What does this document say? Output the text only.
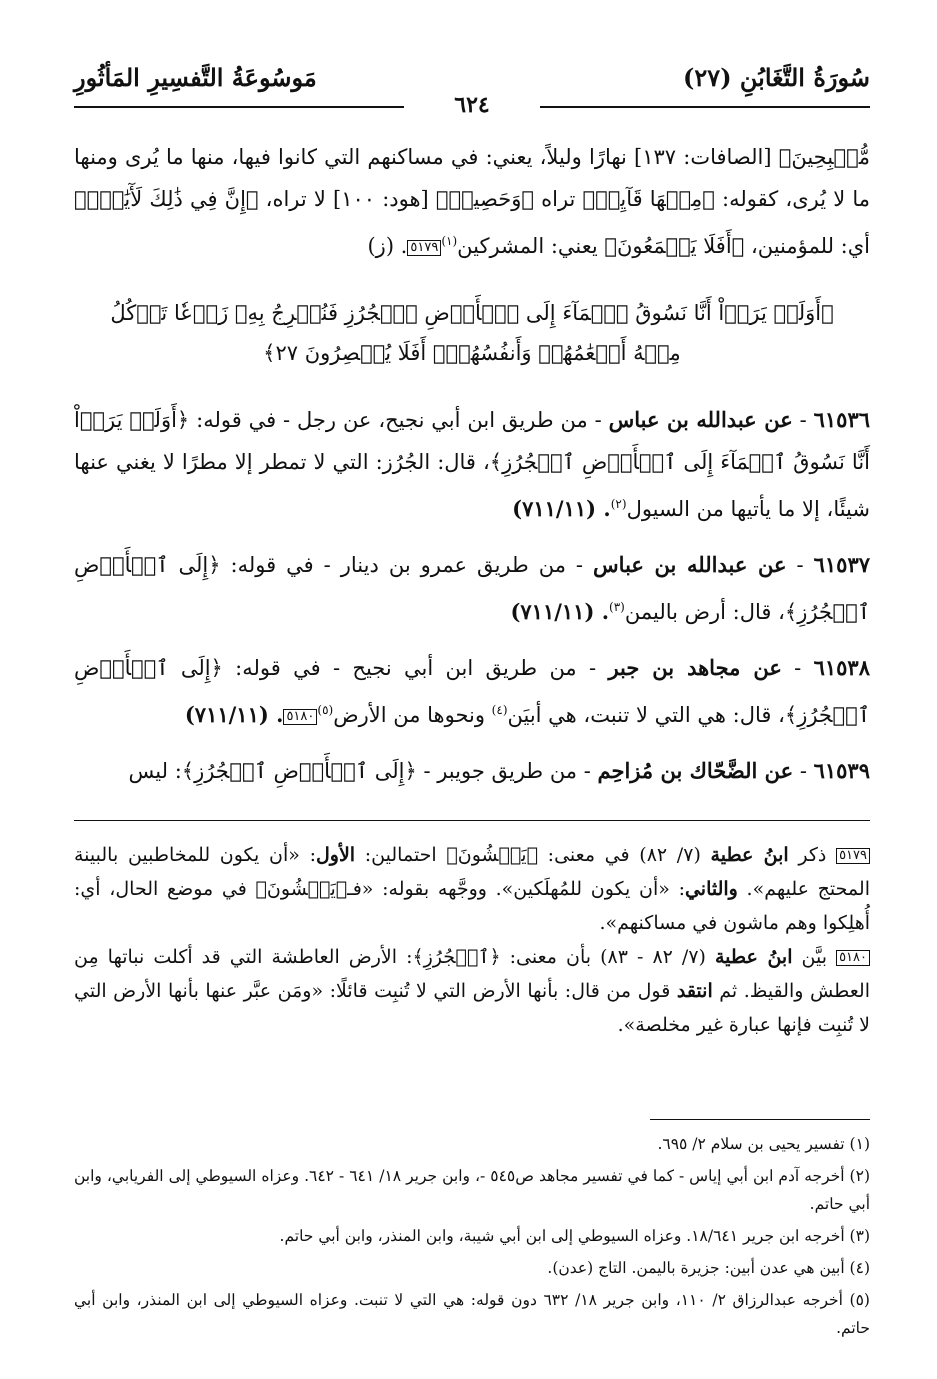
سُورَةُ التَّغَابُنِ (٢٧)
مَوسُوعَةُ التَّفسِيرِ المَأثُورِ
٦٢٤

مُّصۡبِحِينَ﴾ [الصافات: ١٣٧] نهارًا وليلاً، يعني: في مساكنهم التي كانوا فيها، منها ما يُرى ومنها ما لا يُرى، كقوله: ﴿مِنۡهَا قَآيِمٞ﴾ تراه ﴿وَحَصِيدٞ﴾ [هود: ١٠٠] لا تراه، ﴿إِنَّ فِي ذَٰلِكَ لَأٓيَٰتٍۚ﴾ أي: للمؤمنين، ﴿أَفَلَا يَسۡمَعُونَ﴾ يعني: المشركين$^{(١)}$٥١٧٩. (ز)

﴿أَوَلَمۡ يَرَوۡاْ أَنَّا نَسُوقُ ٱلۡمَآءَ إِلَى ٱلۡأَرۡضِ ٱلۡجُرُزِ فَنُخۡرِجُ بِهِۦ زَرۡعٗا تَأۡكُلُ مِنۡهُ أَنۡعَٰمُهُمۡ وَأَنفُسُهُمۡۚ أَفَلَا يُبۡصِرُونَ ٢٧﴾

٦١٥٣٦ - عن عبدالله بن عباس - من طريق ابن أبي نجيح، عن رجل - في قوله: ﴿أَوَلَمۡ يَرَوۡاْ أَنَّا نَسُوقُ ٱلۡمَآءَ إِلَى ٱلۡأَرۡضِ ٱلۡجُرُزِ﴾، قال: الجُرُز: التي لا تمطر إلا مطرًا لا يغني عنها شيئًا، إلا ما يأتيها من السيول$^{(٢)}$. (٧١١/١١)

٦١٥٣٧ - عن عبدالله بن عباس - من طريق عمرو بن دينار - في قوله: ﴿إِلَى ٱلۡأَرۡضِ ٱلۡجُرُزِ﴾، قال: أرض باليمن$^{(٣)}$. (٧١١/١١)

٦١٥٣٨ - عن مجاهد بن جبر - من طريق ابن أبي نجيح - في قوله: ﴿إِلَى ٱلۡأَرۡضِ ٱلۡجُرُزِ﴾، قال: هي التي لا تنبت، هي أبيَن$^{(٤)}$ ونحوها من الأرض$^{(٥)}$٥١٨٠. (٧١١/١١)

٦١٥٣٩ - عن الضَّحّاك بن مُزاحِم - من طريق جويبر - ﴿إِلَى ٱلۡأَرۡضِ ٱلۡجُرُزِ﴾: ليس

٥١٧٩ ذكر ابنُ عطية (٧/ ٨٢) في معنى: ﴿يَمۡشُونَ﴾ احتمالين: الأول: «أن يكون للمخاطبين بالبينة المحتج عليهم». والثاني: «أن يكون للمُهلَكين». ووجَّهه بقوله: «فـ﴿يَمۡشُونَ﴾ في موضع الحال، أي: أُهلِكوا وهم ماشون في مساكنهم».

٥١٨٠ بيَّن ابنُ عطية (٧/ ٨٢ - ٨٣) بأن معنى: ﴿ٱلۡجُرُزِ﴾: الأرض العاطشة التي قد أكلت نباتها مِن العطش والقيظ. ثم انتقد قول من قال: بأنها الأرض التي لا تُنبِت قائلًا: «ومَن عبَّر عنها بأنها الأرض التي لا تُنبِت فإنها عبارة غير مخلصة».

(١) تفسير يحيى بن سلام ٢/ ٦٩٥.

(٢) أخرجه آدم ابن أبي إياس - كما في تفسير مجاهد ص٥٤٥ -، وابن جرير ١٨/ ٦٤١ - ٦٤٢. وعزاه السيوطي إلى الفريابي، وابن أبي حاتم.

(٣) أخرجه ابن جرير ١٨/٦٤١. وعزاه السيوطي إلى ابن أبي شيبة، وابن المنذر، وابن أبي حاتم.

(٤) أبين هي عدن أبين: جزيرة باليمن. التاج (عدن).

(٥) أخرجه عبدالرزاق ٢/ ١١٠، وابن جرير ١٨/ ٦٣٢ دون قوله: هي التي لا تنبت. وعزاه السيوطي إلى ابن المنذر، وابن أبي حاتم.
